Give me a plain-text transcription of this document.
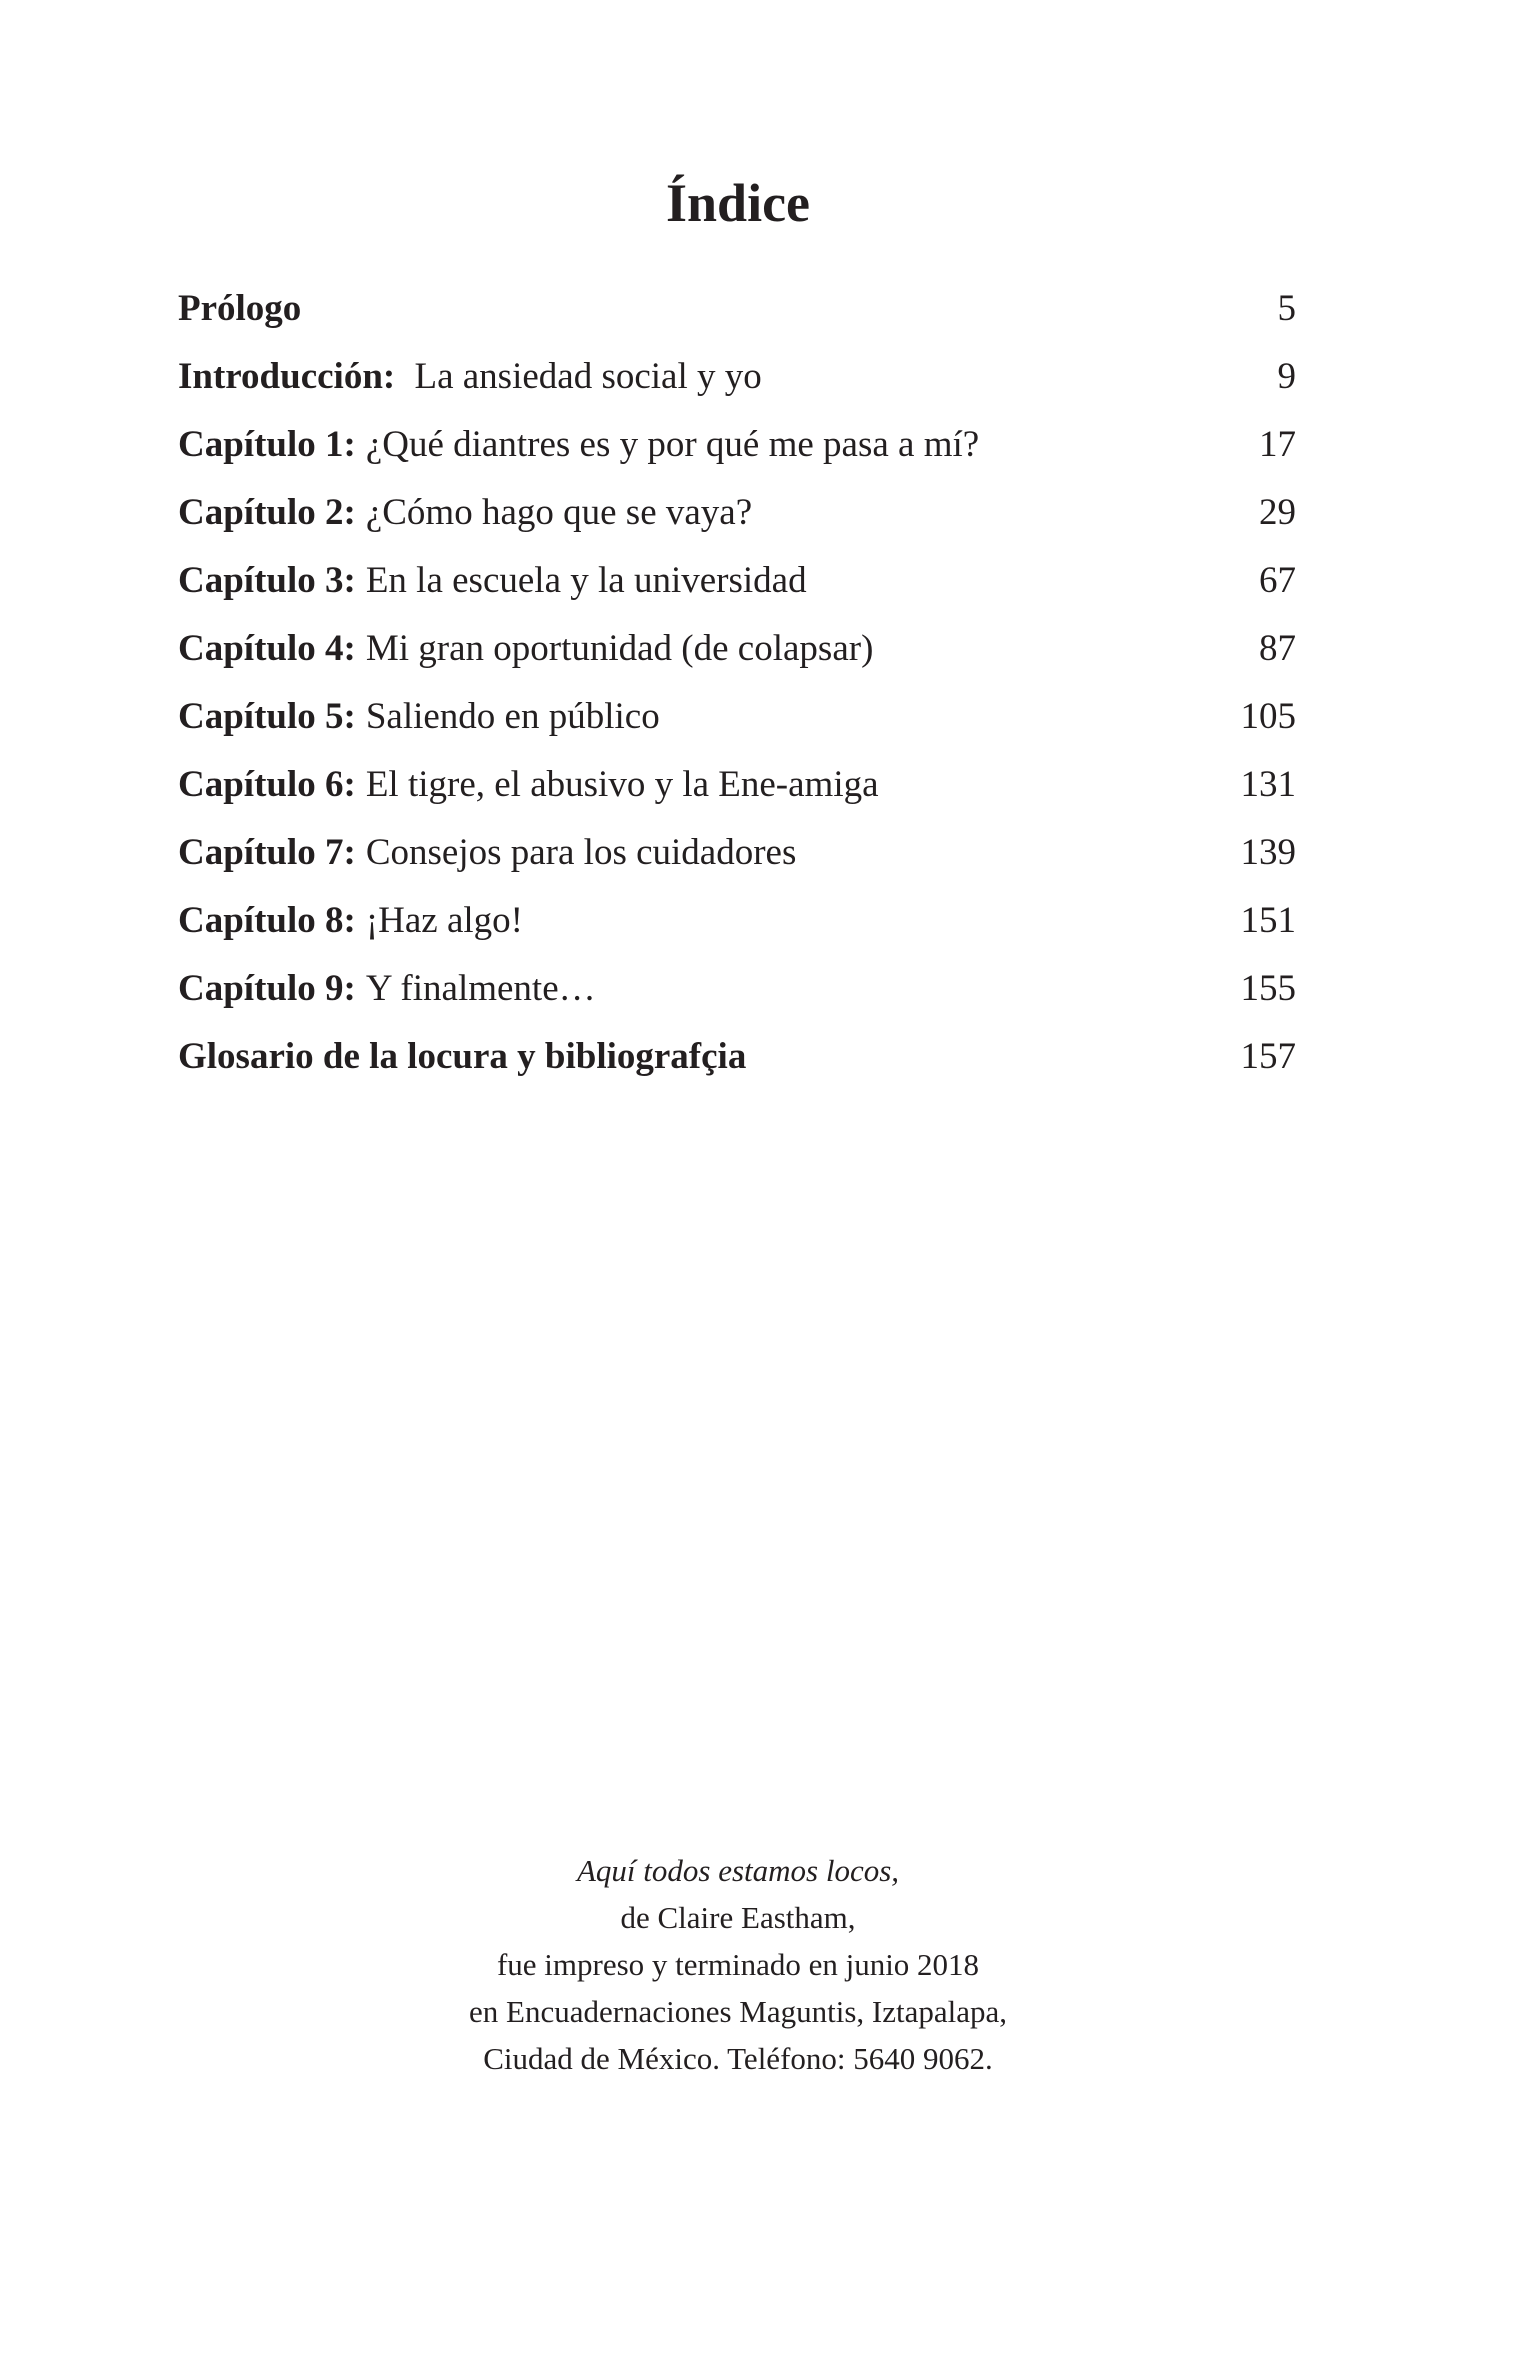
Índice
Prólogo	5
Introducción: La ansiedad social y yo	9
Capítulo 1: ¿Qué diantres es y por qué me pasa a mí?	17
Capítulo 2: ¿Cómo hago que se vaya?	29
Capítulo 3: En la escuela y la universidad	67
Capítulo 4: Mi gran oportunidad (de colapsar)	87
Capítulo 5: Saliendo en público	105
Capítulo 6: El tigre, el abusivo y la Ene-amiga	131
Capítulo 7: Consejos para los cuidadores	139
Capítulo 8: ¡Haz algo!	151
Capítulo 9: Y finalmente…	155
Glosario de la locura y bibliografçia	157
Aquí todos estamos locos,
de Claire Eastham,
fue impreso y terminado en junio 2018
en Encuadernaciones Maguntis, Iztapalapa,
Ciudad de México. Teléfono: 5640 9062.
